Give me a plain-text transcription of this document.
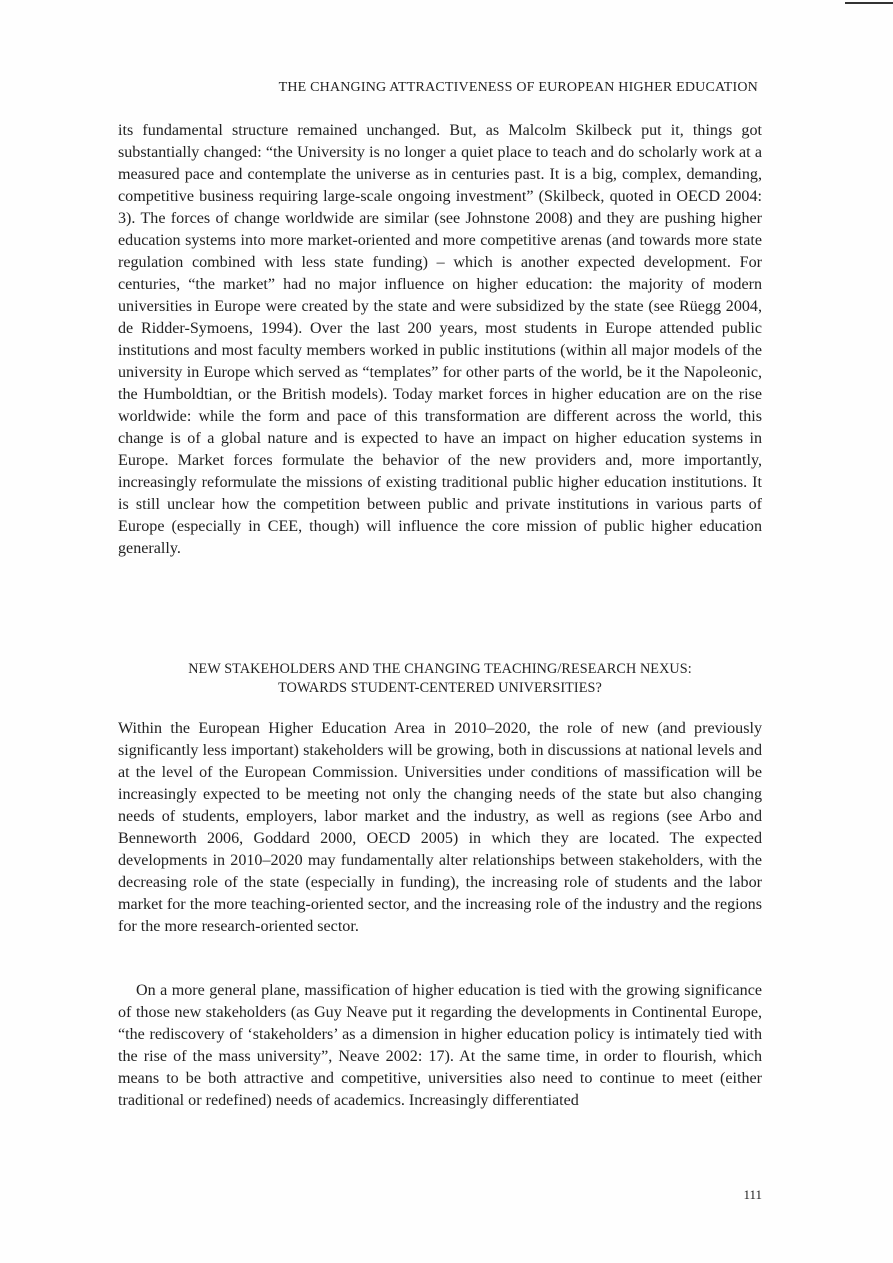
THE CHANGING ATTRACTIVENESS OF EUROPEAN HIGHER EDUCATION

its fundamental structure remained unchanged. But, as Malcolm Skilbeck put it, things got substantially changed: “the University is no longer a quiet place to teach and do scholarly work at a measured pace and contemplate the universe as in centuries past. It is a big, complex, demanding, competitive business requiring large-scale ongoing investment” (Skilbeck, quoted in OECD 2004: 3). The forces of change worldwide are similar (see Johnstone 2008) and they are pushing higher education systems into more market-oriented and more competitive arenas (and towards more state regulation combined with less state funding) – which is another expected development. For centuries, “the market” had no major influence on higher education: the majority of modern universities in Europe were created by the state and were subsidized by the state (see Rüegg 2004, de Ridder-Symoens, 1994). Over the last 200 years, most students in Europe attended public institutions and most faculty members worked in public institutions (within all major models of the university in Europe which served as “templates” for other parts of the world, be it the Napoleonic, the Humboldtian, or the British models). Today market forces in higher education are on the rise worldwide: while the form and pace of this transformation are different across the world, this change is of a global nature and is expected to have an impact on higher education systems in Europe. Market forces formulate the behavior of the new providers and, more importantly, increasingly reformulate the missions of existing traditional public higher education institutions. It is still unclear how the competition between public and private institutions in various parts of Europe (especially in CEE, though) will influence the core mission of public higher education generally.

NEW STAKEHOLDERS AND THE CHANGING TEACHING/RESEARCH NEXUS:
TOWARDS STUDENT-CENTERED UNIVERSITIES?

Within the European Higher Education Area in 2010–2020, the role of new (and previously significantly less important) stakeholders will be growing, both in discussions at national levels and at the level of the European Commission. Universities under conditions of massification will be increasingly expected to be meeting not only the changing needs of the state but also changing needs of students, employers, labor market and the industry, as well as regions (see Arbo and Benneworth 2006, Goddard 2000, OECD 2005) in which they are located. The expected developments in 2010–2020 may fundamentally alter relationships between stakeholders, with the decreasing role of the state (especially in funding), the increasing role of students and the labor market for the more teaching-oriented sector, and the increasing role of the industry and the regions for the more research-oriented sector.

On a more general plane, massification of higher education is tied with the growing significance of those new stakeholders (as Guy Neave put it regarding the developments in Continental Europe, “the rediscovery of ‘stakeholders’ as a dimension in higher education policy is intimately tied with the rise of the mass university”, Neave 2002: 17). At the same time, in order to flourish, which means to be both attractive and competitive, universities also need to continue to meet (either traditional or redefined) needs of academics. Increasingly differentiated

111
